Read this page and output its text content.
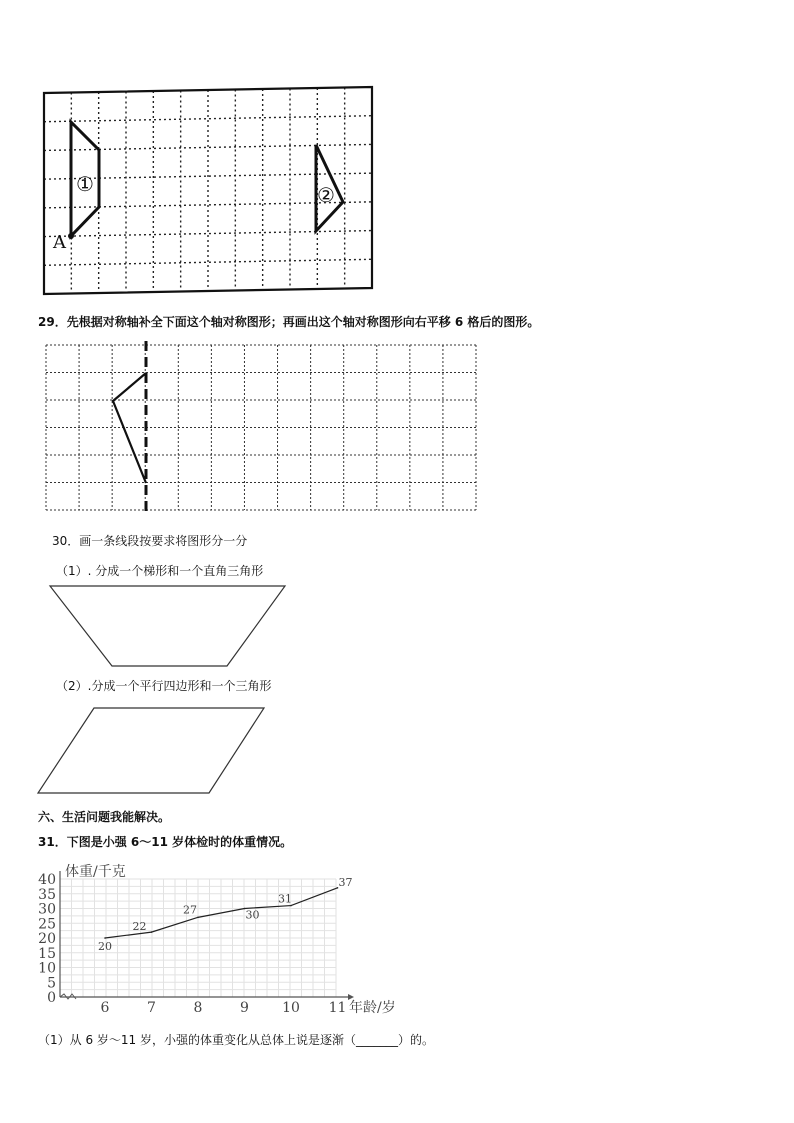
①	②
A
29．先根据对称轴补全下面这个轴对称图形；再画出这个轴对称图形向右平移 6 格后的图形。
30．画一条线段按要求将图形分一分
（1）. 分成一个梯形和一个直角三角形
（2）.分成一个平行四边形和一个三角形
六、生活问题我能解决。
31．下图是小强 6～11 岁体检时的体重情况。
0
5
10
15
20
25
30
35
40
6	7	8	9 10 11
20
22
27	30
31
37
体重/千克
年龄/岁
（1）从 6 岁～11 岁，小强的体重变化从总体上说是逐渐（_______）的。
